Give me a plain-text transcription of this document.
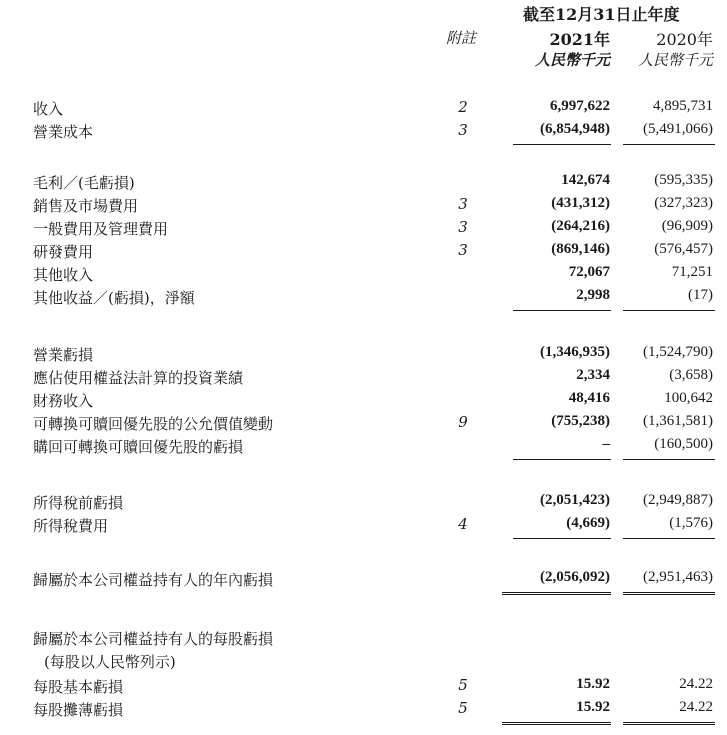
截至12月31日止年度
附註	2021年	2020年
人民幣千元 人民幣千元
收入	2	6,997,622	4,895,731
營業成本	3	(6,854,948) (5,491,066)
毛利／(毛虧損)	142,674	(595,335)
銷售及市場費用	3	(431,312)	(327,323)
一般費用及管理費用	3	(264,216)	(96,909)
研發費用	3	(869,146)	(576,457)
其他收入	72,067	71,251
其他收益／(虧損)，淨額	2,998	(17)
營業虧損	(1,346,935) (1,524,790)
應佔使用權益法計算的投資業績	2,334	(3,658)
財務收入	48,416	100,642
可轉換可贖回優先股的公允價值變動	9	(755,238) (1,361,581)
購回可轉換可贖回優先股的虧損	–	(160,500)
所得稅前虧損	(2,051,423) (2,949,887)
所得稅費用	4	(4,669)	(1,576)
歸屬於本公司權益持有人的年內虧損	(2,056,092) (2,951,463)
歸屬於本公司權益持有人的每股虧損
(每股以人民幣列示)
每股基本虧損	5	15.92	24.22
每股攤薄虧損	5	15.92	24.22
